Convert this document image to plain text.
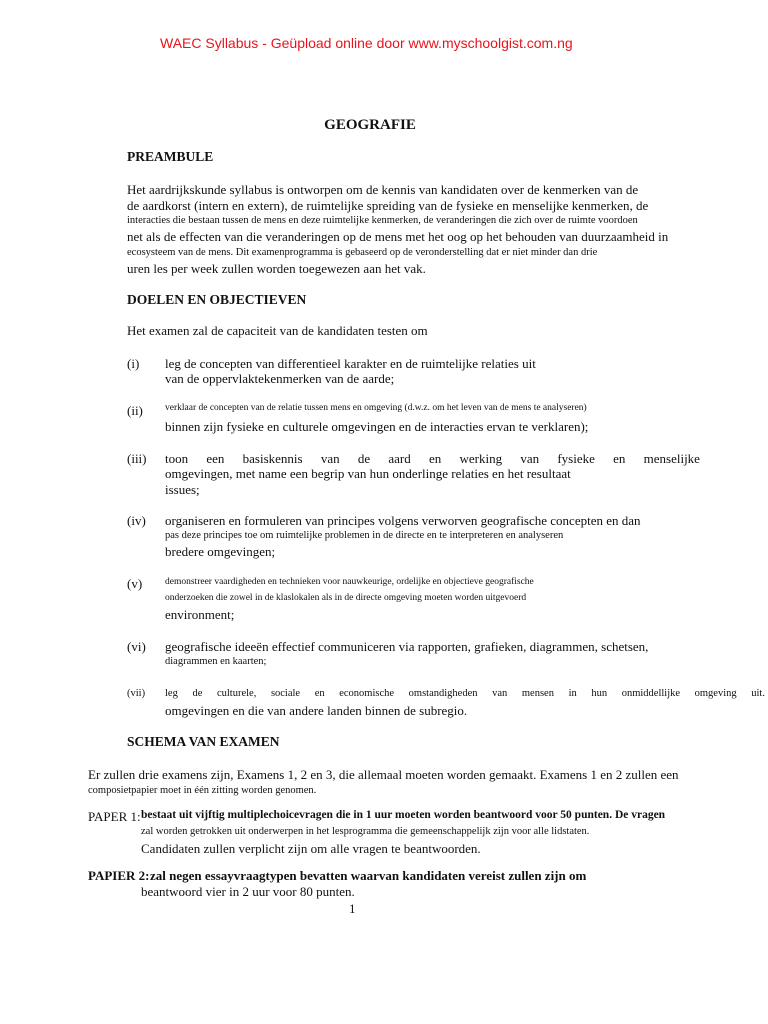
WAEC Syllabus - Geüpload online door www.myschoolgist.com.ng
GEOGRAFIE
PREAMBULE
Het aardrijkskunde syllabus is ontworpen om de kennis van kandidaten over de kenmerken van de
de aardkorst (intern en extern), de ruimtelijke spreiding van de fysieke en menselijke kenmerken, de
interacties die bestaan tussen de mens en deze ruimtelijke kenmerken, de veranderingen die zich over de ruimte voordoen
net als de effecten van die veranderingen op de mens met het oog op het behouden van duurzaamheid in
ecosysteem van de mens. Dit examenprogramma is gebaseerd op de veronderstelling dat er niet minder dan drie
uren les per week zullen worden toegewezen aan het vak.
DOELEN EN OBJECTIEVEN
Het examen zal de capaciteit van de kandidaten testen om
(i) leg de concepten van differentieel karakter en de ruimtelijke relaties uit
van de oppervlaktekenmerken van de aarde;
(ii) verklaar de concepten van de relatie tussen mens en omgeving (d.w.z. om het leven van de mens te analyseren)
binnen zijn fysieke en culturele omgevingen en de interacties ervan te verklaren);
(iii) toon een basiskennis van de aard en werking van fysieke en menselijke
omgevingen, met name een begrip van hun onderlinge relaties en het resultaat
issues;
(iv) organiseren en formuleren van principes volgens verworven geografische concepten en dan
pas deze principes toe om ruimtelijke problemen in de directe en te interpreteren en analyseren
bredere omgevingen;
(v) demonstreer vaardigheden en technieken voor nauwkeurige, ordelijke en objectieve geografische
onderzoeken die zowel in de klaslokalen als in de directe omgeving moeten worden uitgevoerd
environment;
(vi) geografische ideeën effectief communiceren via rapporten, grafieken, diagrammen, schetsen,
diagrammen en kaarten;
(vii) leg de culturele, sociale en economische omstandigheden van mensen in hun onmiddellijke omgeving uit.
omgevingen en die van andere landen binnen de subregio.
SCHEMA VAN EXAMEN
Er zullen drie examens zijn, Examens 1, 2 en 3, die allemaal moeten worden gemaakt. Examens 1 en 2 zullen een
composietpapier moet in één zitting worden genomen.
PAPER 1: bestaat uit vijftig multiplechoicevragen die in 1 uur moeten worden beantwoord voor 50 punten. De vragen
zal worden getrokken uit onderwerpen in het lesprogramma die gemeenschappelijk zijn voor alle lidstaten.
Candidaten zullen verplicht zijn om alle vragen te beantwoorden.
PAPIER 2: zal negen essayvraagtypen bevatten waarvan kandidaten vereist zullen zijn om
beantwoord vier in 2 uur voor 80 punten.
1
